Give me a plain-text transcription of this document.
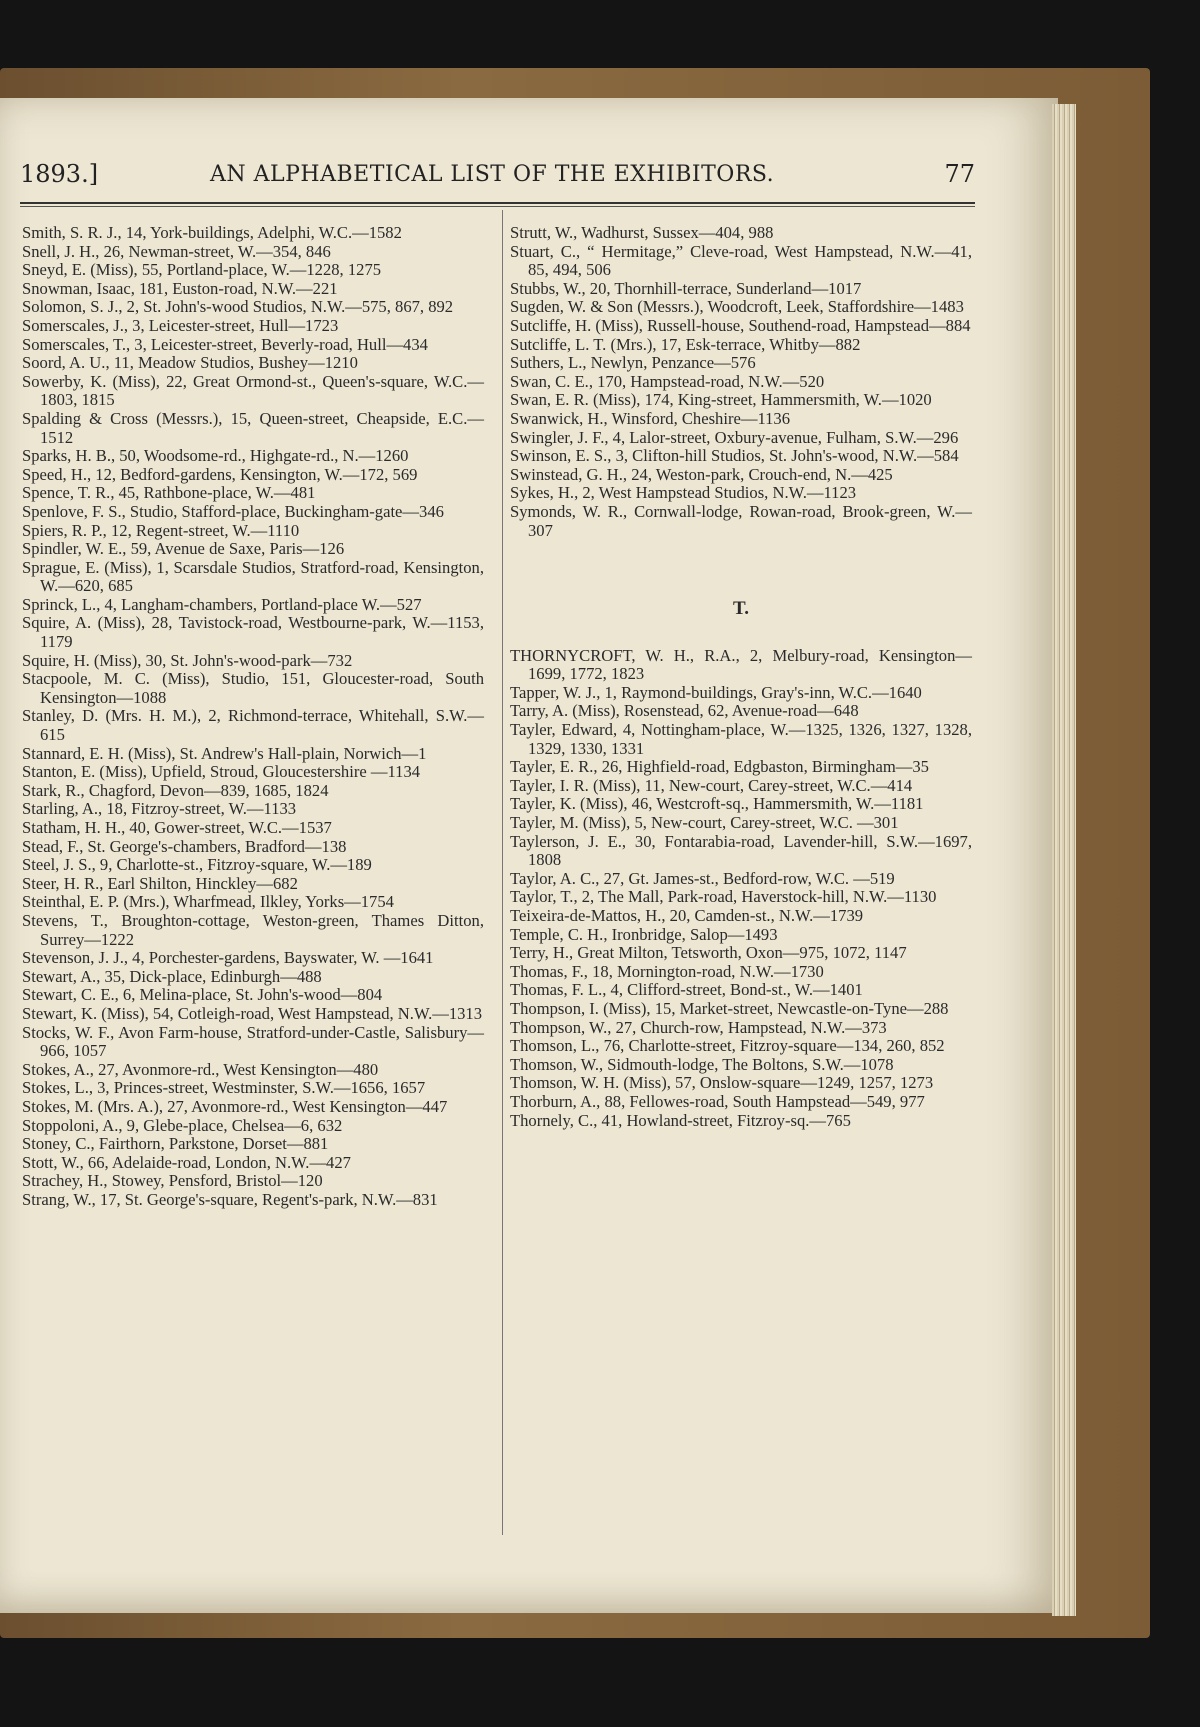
1893.]	AN ALPHABETICAL LIST OF THE EXHIBITORS.	77
Smith, S. R. J., 14, York-buildings, Adelphi, W.C.—1582
Snell, J. H., 26, Newman-street, W.—354, 846
Sneyd, E. (Miss), 55, Portland-place, W.—1228, 1275
Snowman, Isaac, 181, Euston-road, N.W.—221
Solomon, S. J., 2, St. John's-wood Studios, N.W.—575, 867, 892
Somerscales, J., 3, Leicester-street, Hull—1723
Somerscales, T., 3, Leicester-street, Beverly-road, Hull—434
Soord, A. U., 11, Meadow Studios, Bushey—1210
Sowerby, K. (Miss), 22, Great Ormond-st., Queen's-square, W.C.—1803, 1815
Spalding & Cross (Messrs.), 15, Queen-street, Cheapside, E.C.—1512
Sparks, H. B., 50, Woodsome-rd., Highgate-rd., N.—1260
Speed, H., 12, Bedford-gardens, Kensington, W.—172, 569
Spence, T. R., 45, Rathbone-place, W.—481
Spenlove, F. S., Studio, Stafford-place, Buckingham-gate—346
Spiers, R. P., 12, Regent-street, W.—1110
Spindler, W. E., 59, Avenue de Saxe, Paris—126
Sprague, E. (Miss), 1, Scarsdale Studios, Stratford-road, Kensington, W.—620, 685
Sprinck, L., 4, Langham-chambers, Portland-place W.—527
Squire, A. (Miss), 28, Tavistock-road, Westbourne-park, W.—1153, 1179
Squire, H. (Miss), 30, St. John's-wood-park—732
Stacpoole, M. C. (Miss), Studio, 151, Gloucester-road, South Kensington—1088
Stanley, D. (Mrs. H. M.), 2, Richmond-terrace, Whitehall, S.W.—615
Stannard, E. H. (Miss), St. Andrew's Hall-plain, Norwich—1
Stanton, E. (Miss), Upfield, Stroud, Gloucestershire —1134
Stark, R., Chagford, Devon—839, 1685, 1824
Starling, A., 18, Fitzroy-street, W.—1133
Statham, H. H., 40, Gower-street, W.C.—1537
Stead, F., St. George's-chambers, Bradford—138
Steel, J. S., 9, Charlotte-st., Fitzroy-square, W.—189
Steer, H. R., Earl Shilton, Hinckley—682
Steinthal, E. P. (Mrs.), Wharfmead, Ilkley, Yorks—1754
Stevens, T., Broughton-cottage, Weston-green, Thames Ditton, Surrey—1222
Stevenson, J. J., 4, Porchester-gardens, Bayswater, W. —1641
Stewart, A., 35, Dick-place, Edinburgh—488
Stewart, C. E., 6, Melina-place, St. John's-wood—804
Stewart, K. (Miss), 54, Cotleigh-road, West Hampstead, N.W.—1313
Stocks, W. F., Avon Farm-house, Stratford-under-Castle, Salisbury—966, 1057
Stokes, A., 27, Avonmore-rd., West Kensington—480
Stokes, L., 3, Princes-street, Westminster, S.W.—1656, 1657
Stokes, M. (Mrs. A.), 27, Avonmore-rd., West Kensington—447
Stoppoloni, A., 9, Glebe-place, Chelsea—6, 632
Stoney, C., Fairthorn, Parkstone, Dorset—881
Stott, W., 66, Adelaide-road, London, N.W.—427
Strachey, H., Stowey, Pensford, Bristol—120
Strang, W., 17, St. George's-square, Regent's-park, N.W.—831
Strutt, W., Wadhurst, Sussex—404, 988
Stuart, C., “ Hermitage,” Cleve-road, West Hampstead, N.W.—41, 85, 494, 506
Stubbs, W., 20, Thornhill-terrace, Sunderland—1017
Sugden, W. & Son (Messrs.), Woodcroft, Leek, Staffordshire—1483
Sutcliffe, H. (Miss), Russell-house, Southend-road, Hampstead—884
Sutcliffe, L. T. (Mrs.), 17, Esk-terrace, Whitby—882
Suthers, L., Newlyn, Penzance—576
Swan, C. E., 170, Hampstead-road, N.W.—520
Swan, E. R. (Miss), 174, King-street, Hammersmith, W.—1020
Swanwick, H., Winsford, Cheshire—1136
Swingler, J. F., 4, Lalor-street, Oxbury-avenue, Fulham, S.W.—296
Swinson, E. S., 3, Clifton-hill Studios, St. John's-wood, N.W.—584
Swinstead, G. H., 24, Weston-park, Crouch-end, N.—425
Sykes, H., 2, West Hampstead Studios, N.W.—1123
Symonds, W. R., Cornwall-lodge, Rowan-road, Brook-green, W.—307
T.
THORNYCROFT, W. H., R.A., 2, Melbury-road, Kensington—1699, 1772, 1823
Tapper, W. J., 1, Raymond-buildings, Gray's-inn, W.C.—1640
Tarry, A. (Miss), Rosenstead, 62, Avenue-road—648
Tayler, Edward, 4, Nottingham-place, W.—1325, 1326, 1327, 1328, 1329, 1330, 1331
Tayler, E. R., 26, Highfield-road, Edgbaston, Birmingham—35
Tayler, I. R. (Miss), 11, New-court, Carey-street, W.C.—414
Tayler, K. (Miss), 46, Westcroft-sq., Hammersmith, W.—1181
Tayler, M. (Miss), 5, New-court, Carey-street, W.C. —301
Taylerson, J. E., 30, Fontarabia-road, Lavender-hill, S.W.—1697, 1808
Taylor, A. C., 27, Gt. James-st., Bedford-row, W.C. —519
Taylor, T., 2, The Mall, Park-road, Haverstock-hill, N.W.—1130
Teixeira-de-Mattos, H., 20, Camden-st., N.W.—1739
Temple, C. H., Ironbridge, Salop—1493
Terry, H., Great Milton, Tetsworth, Oxon—975, 1072, 1147
Thomas, F., 18, Mornington-road, N.W.—1730
Thomas, F. L., 4, Clifford-street, Bond-st., W.—1401
Thompson, I. (Miss), 15, Market-street, Newcastle-on-Tyne—288
Thompson, W., 27, Church-row, Hampstead, N.W.—373
Thomson, L., 76, Charlotte-street, Fitzroy-square—134, 260, 852
Thomson, W., Sidmouth-lodge, The Boltons, S.W.—1078
Thomson, W. H. (Miss), 57, Onslow-square—1249, 1257, 1273
Thorburn, A., 88, Fellowes-road, South Hampstead—549, 977
Thornely, C., 41, Howland-street, Fitzroy-sq.—765
